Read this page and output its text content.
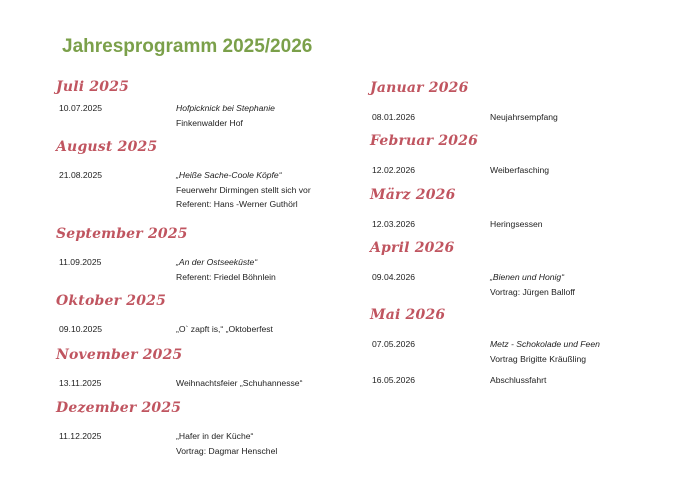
Jahresprogramm 2025/2026
Juli 2025
10.07.2025	Hofpicknick bei Stephanie
Finkenwalder Hof
August 2025
21.08.2025	„Heiße Sache-Coole Köpfe“
Feuerwehr Dirmingen stellt sich vor
Referent: Hans -Werner Guthörl
September 2025
11.09.2025	„An der Ostseeküste“
Referent: Friedel Böhnlein
Oktober 2025
09.10.2025	„O` zapft is,“ „Oktoberfest
November 2025
13.11.2025	Weihnachtsfeier „Schuhannesse“
Dezember 2025
11.12.2025	„Hafer in der Küche“
Vortrag: Dagmar Henschel
Januar 2026
08.01.2026	Neujahrsempfang
Februar 2026
12.02.2026	Weiberfasching
März 2026
12.03.2026	Heringsessen
April 2026
09.04.2026	„Bienen und Honig“
Vortrag: Jürgen Balloff
Mai 2026
07.05.2026	Metz - Schokolade und Feen
Vortrag Brigitte Kräußling
16.05.2026	Abschlussfahrt
